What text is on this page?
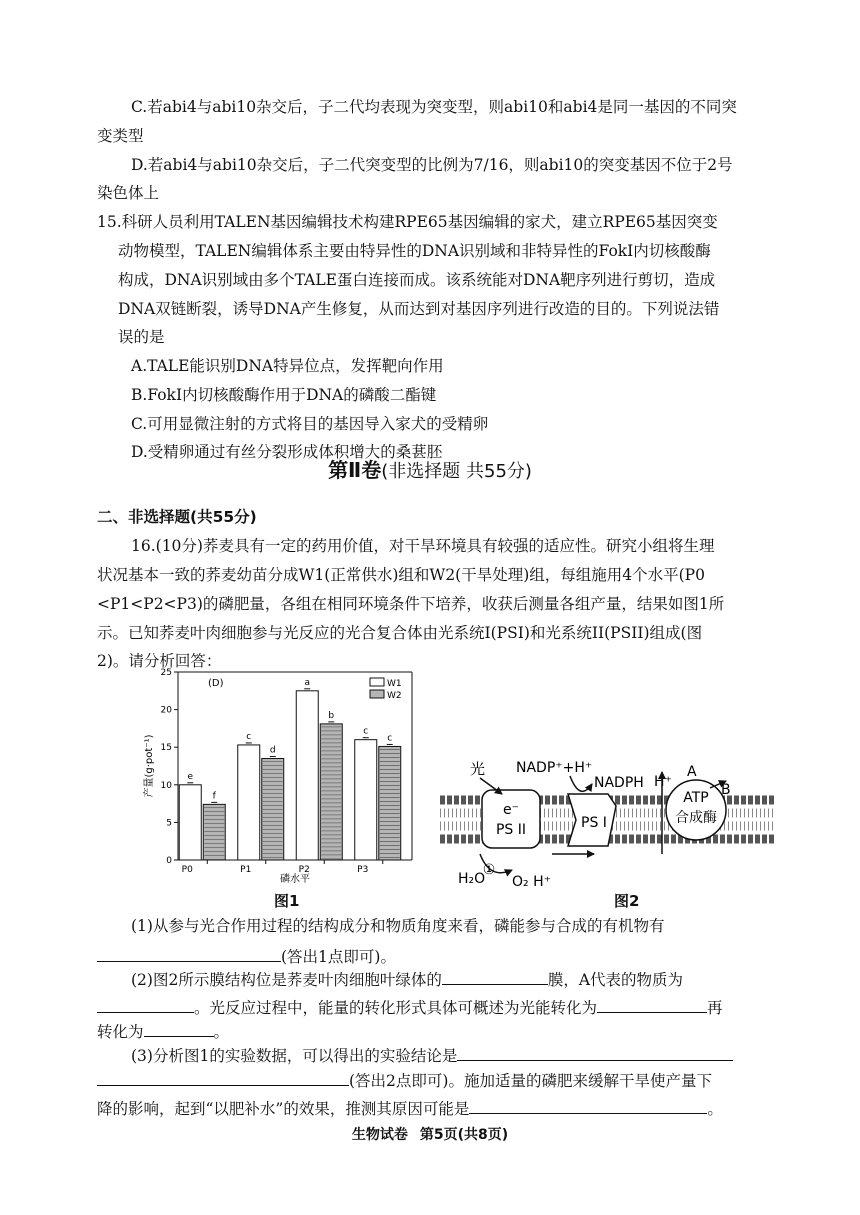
C.若abi4与abi10杂交后，子二代均表现为突变型，则abi10和abi4是同一基因的不同突
变类型
D.若abi4与abi10杂交后，子二代突变型的比例为7/16，则abi10的突变基因不位于2号
染色体上
15.科研人员利用TALEN基因编辑技术构建RPE65基因编辑的家犬，建立RPE65基因突变
动物模型，TALEN编辑体系主要由特异性的DNA识别域和非特异性的FokI内切核酸酶
构成，DNA识别域由多个TALE蛋白连接而成。该系统能对DNA靶序列进行剪切，造成
DNA双链断裂，诱导DNA产生修复，从而达到对基因序列进行改造的目的。下列说法错
误的是
A.TALE能识别DNA特异位点，发挥靶向作用
B.FokI内切核酸酶作用于DNA的磷酸二酯键
C.可用显微注射的方式将目的基因导入家犬的受精卵
D.受精卵通过有丝分裂形成体积增大的桑葚胚
第Ⅱ卷(非选择题 共55分)
二、非选择题(共55分)
16.(10分)荞麦具有一定的药用价值，对干旱环境具有较强的适应性。研究小组将生理
状况基本一致的荞麦幼苗分成W1(正常供水)组和W2(干旱处理)组，每组施用4个水平(P0
<P1<P2<P3)的磷肥量，各组在相同环境条件下培养，收获后测量各组产量，结果如图1所
示。已知荞麦叶肉细胞参与光反应的光合复合体由光系统I(PSI)和光系统II(PSII)组成(图
2)。请分析回答：
0
5
10
15
20
25
产量(g·pot⁻¹)
磷水平
(D)
P0
e
f
P1
c
d
P2
a
b
P3
c
c
W1
W2
图1
e⁻
PS II	PS I
ATP
合成酶
光 NADP⁺+H⁺
NADPH H⁺
A
B
①
H₂O O₂ H⁺
图2
(1)从参与光合作用过程的结构成分和物质角度来看，磷能参与合成的有机物有
(答出1点即可)。
(2)图2所示膜结构位是荞麦叶肉细胞叶绿体的	膜，A代表的物质为
。光反应过程中，能量的转化形式具体可概述为光能转化为	再
转化为	。
(3)分析图1的实验数据，可以得出的实验结论是
(答出2点即可)。施加适量的磷肥来缓解干旱使产量下
降的影响，起到“以肥补水”的效果，推测其原因可能是	。
生物试卷 第5页(共8页)
